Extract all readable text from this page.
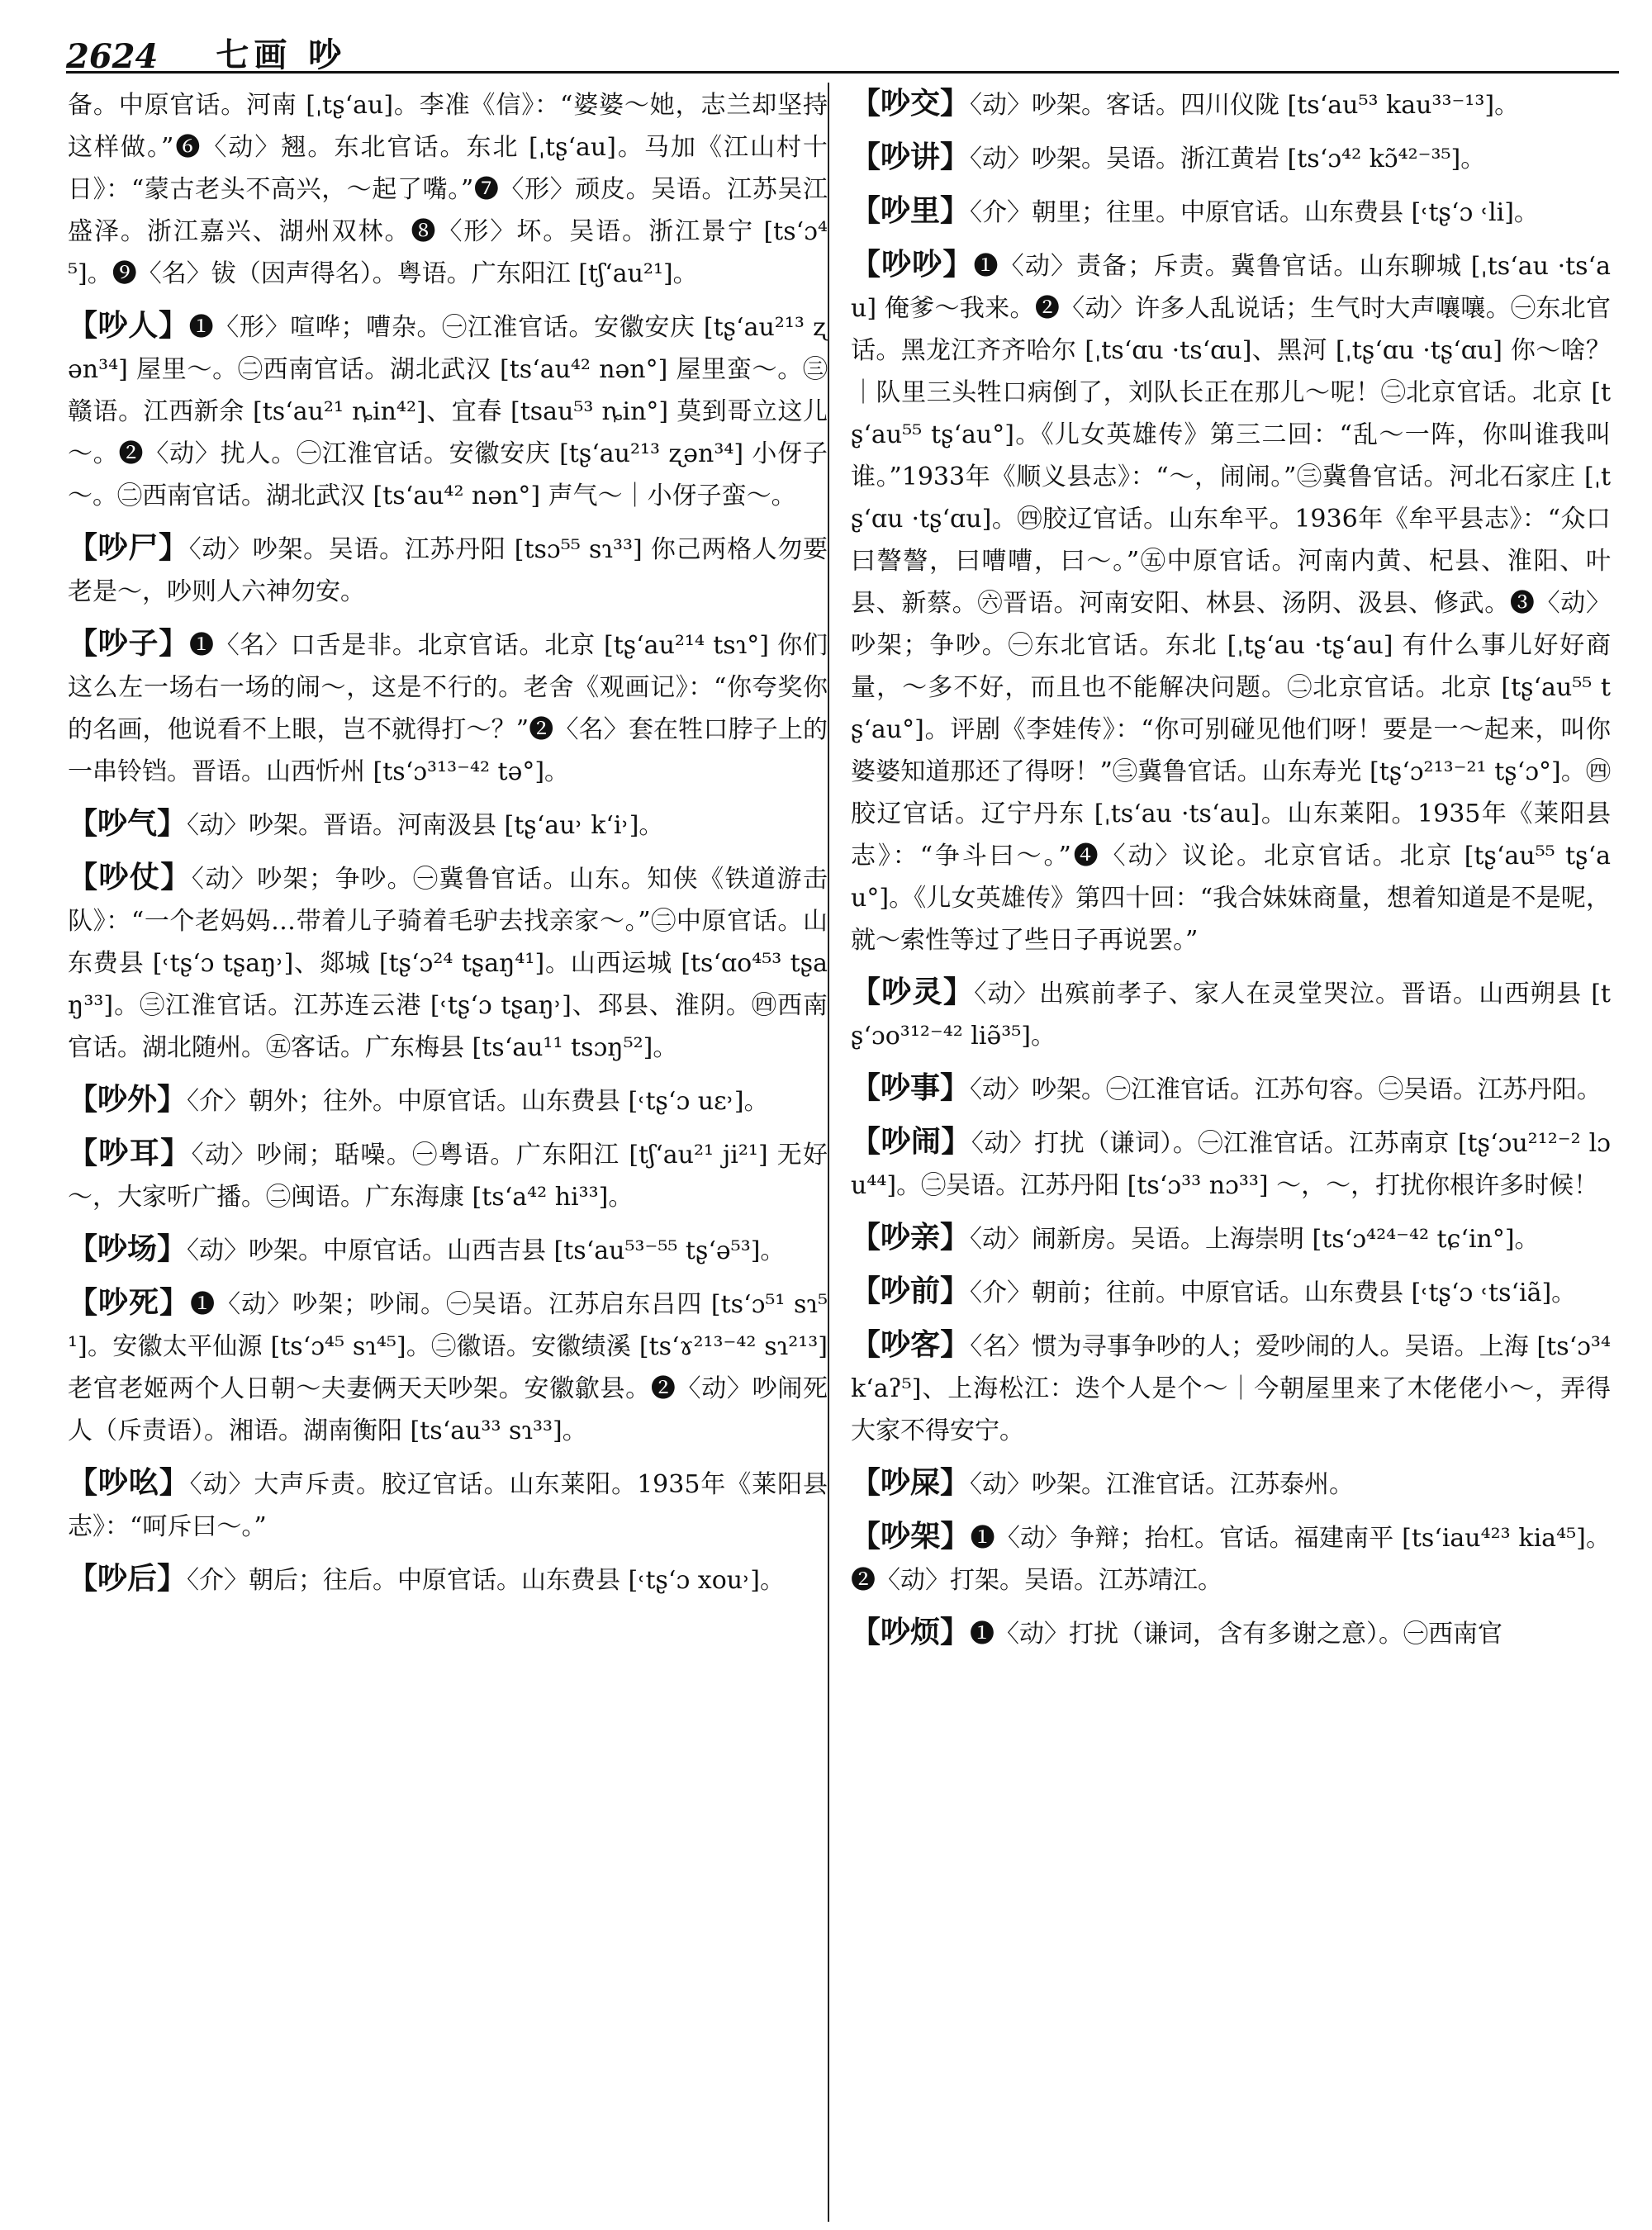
2624 七画 吵

备。中原官话。河南 [ˌtʂ‘au]。李准《信》：“婆婆～她，志兰却坚持这样做。”❻〈动〉翘。东北官话。东北 [ˌtʂ‘au]。马加《江山村十日》：“蒙古老头不高兴，～起了嘴。”❼〈形〉顽皮。吴语。江苏吴江盛泽。浙江嘉兴、湖州双林。❽〈形〉坏。吴语。浙江景宁 [ts‘ɔ⁴⁵]。❾〈名〉钹（因声得名）。粤语。广东阳江 [tʃ‘au²¹]。

【吵人】❶〈形〉喧哗；嘈杂。㊀江淮官话。安徽安庆 [tʂ‘au²¹³ ʐən³⁴] 屋里～。㊁西南官话。湖北武汉 [ts‘au⁴² nən°] 屋里蛮～。㊂赣语。江西新余 [ts‘au²¹ ȵin⁴²]、宜春 [tsau⁵³ ȵin°] 莫到哥立这儿～。❷〈动〉扰人。㊀江淮官话。安徽安庆 [tʂ‘au²¹³ ʐən³⁴] 小伢子～。㊁西南官话。湖北武汉 [ts‘au⁴² nən°] 声气～｜小伢子蛮～。

【吵尸】〈动〉吵架。吴语。江苏丹阳 [tsɔ⁵⁵ sɿ³³] 你己两格人勿要老是～，吵则人六神勿安。

【吵子】❶〈名〉口舌是非。北京官话。北京 [tʂ‘au²¹⁴ tsɿ°] 你们这么左一场右一场的闹～，这是不行的。老舍《观画记》：“你夸奖你的名画，他说看不上眼，岂不就得打～？”❷〈名〉套在牲口脖子上的一串铃铛。晋语。山西忻州 [ts‘ɔ³¹³⁻⁴² tə°]。

【吵气】〈动〉吵架。晋语。河南汲县 [tʂ‘au˒ k‘i˒]。

【吵仗】〈动〉吵架；争吵。㊀冀鲁官话。山东。知侠《铁道游击队》：“一个老妈妈…带着儿子骑着毛驴去找亲家～。”㊁中原官话。山东费县 [˓tʂ‘ɔ tʂaŋ˒]、郯城 [tʂ‘ɔ²⁴ tʂaŋ⁴¹]。山西运城 [ts‘ɑo⁴⁵³ tʂaŋ³³]。㊂江淮官话。江苏连云港 [˓tʂ‘ɔ tʂaŋ˒]、邳县、淮阴。㊃西南官话。湖北随州。㊄客话。广东梅县 [ts‘au¹¹ tsɔŋ⁵²]。

【吵外】〈介〉朝外；往外。中原官话。山东费县 [˓tʂ‘ɔ uɛ˒]。

【吵耳】〈动〉吵闹；聒噪。㊀粤语。广东阳江 [tʃ‘au²¹ ji²¹] 无好～，大家听广播。㊁闽语。广东海康 [ts‘a⁴² hi³³]。

【吵场】〈动〉吵架。中原官话。山西吉县 [ts‘au⁵³⁻⁵⁵ tʂ‘ə⁵³]。

【吵死】❶〈动〉吵架；吵闹。㊀吴语。江苏启东吕四 [ts‘ɔ⁵¹ sɿ⁵¹]。安徽太平仙源 [ts‘ɔ⁴⁵ sɿ⁴⁵]。㊁徽语。安徽绩溪 [ts‘ɤ²¹³⁻⁴² sɿ²¹³] 老官老姬两个人日朝～夫妻俩天天吵架。安徽歙县。❷〈动〉吵闹死人（斥责语）。湘语。湖南衡阳 [ts‘au³³ sɿ³³]。

【吵吆】〈动〉大声斥责。胶辽官话。山东莱阳。1935年《莱阳县志》：“呵斥曰～。”

【吵后】〈介〉朝后；往后。中原官话。山东费县 [˓tʂ‘ɔ xou˒]。

【吵交】〈动〉吵架。客话。四川仪陇 [ts‘au⁵³ kau³³⁻¹³]。

【吵讲】〈动〉吵架。吴语。浙江黄岩 [ts‘ɔ⁴² kɔ̃⁴²⁻³⁵]。

【吵里】〈介〉朝里；往里。中原官话。山东费县 [˓tʂ‘ɔ ˓li]。

【吵吵】❶〈动〉责备；斥责。冀鲁官话。山东聊城 [ˌts‘au ·ts‘au] 俺爹～我来。❷〈动〉许多人乱说话；生气时大声嚷嚷。㊀东北官话。黑龙江齐齐哈尔 [ˌts‘ɑu ·ts‘ɑu]、黑河 [ˌtʂ‘ɑu ·tʂ‘ɑu] 你～啥？｜队里三头牲口病倒了，刘队长正在那儿～呢！㊁北京官话。北京 [tʂ‘au⁵⁵ tʂ‘au°]。《儿女英雄传》第三二回：“乱～一阵，你叫谁我叫谁。”1933年《顺义县志》：“～，闹闹。”㊂冀鲁官话。河北石家庄 [ˌtʂ‘ɑu ·tʂ‘ɑu]。㊃胶辽官话。山东牟平。1936年《牟平县志》：“众口曰謷謷，曰嘈嘈，曰～。”㊄中原官话。河南内黄、杞县、淮阳、叶县、新蔡。㊅晋语。河南安阳、林县、汤阴、汲县、修武。❸〈动〉吵架；争吵。㊀东北官话。东北 [ˌtʂ‘au ·tʂ‘au] 有什么事儿好好商量，～多不好，而且也不能解决问题。㊁北京官话。北京 [tʂ‘au⁵⁵ tʂ‘au°]。评剧《李娃传》：“你可别碰见他们呀！要是一～起来，叫你婆婆知道那还了得呀！”㊂冀鲁官话。山东寿光 [tʂ‘ɔ²¹³⁻²¹ tʂ‘ɔ°]。㊃胶辽官话。辽宁丹东 [ˌts‘au ·ts‘au]。山东莱阳。1935年《莱阳县志》：“争斗曰～。”❹〈动〉议论。北京官话。北京 [tʂ‘au⁵⁵ tʂ‘au°]。《儿女英雄传》第四十回：“我合妹妹商量，想着知道是不是呢，就～索性等过了些日子再说罢。”

【吵灵】〈动〉出殡前孝子、家人在灵堂哭泣。晋语。山西朔县 [tʂ‘ɔo³¹²⁻⁴² liə̃³⁵]。

【吵事】〈动〉吵架。㊀江淮官话。江苏句容。㊁吴语。江苏丹阳。

【吵闹】〈动〉打扰（谦词）。㊀江淮官话。江苏南京 [tʂ‘ɔu²¹²⁻² lɔu⁴⁴]。㊁吴语。江苏丹阳 [ts‘ɔ³³ nɔ³³] ～，～，打扰你根许多时候！

【吵亲】〈动〉闹新房。吴语。上海崇明 [ts‘ɔ⁴²⁴⁻⁴² tɕ‘in°]。

【吵前】〈介〉朝前；往前。中原官话。山东费县 [˓tʂ‘ɔ ˓ts‘iã]。

【吵客】〈名〉惯为寻事争吵的人；爱吵闹的人。吴语。上海 [ts‘ɔ³⁴ k‘aʔ⁵]、上海松江：迭个人是个～｜今朝屋里来了木佬佬小～，弄得大家不得安宁。

【吵屎】〈动〉吵架。江淮官话。江苏泰州。

【吵架】❶〈动〉争辩；抬杠。官话。福建南平 [ts‘iau⁴²³ kia⁴⁵]。❷〈动〉打架。吴语。江苏靖江。

【吵烦】❶〈动〉打扰（谦词，含有多谢之意）。㊀西南官
